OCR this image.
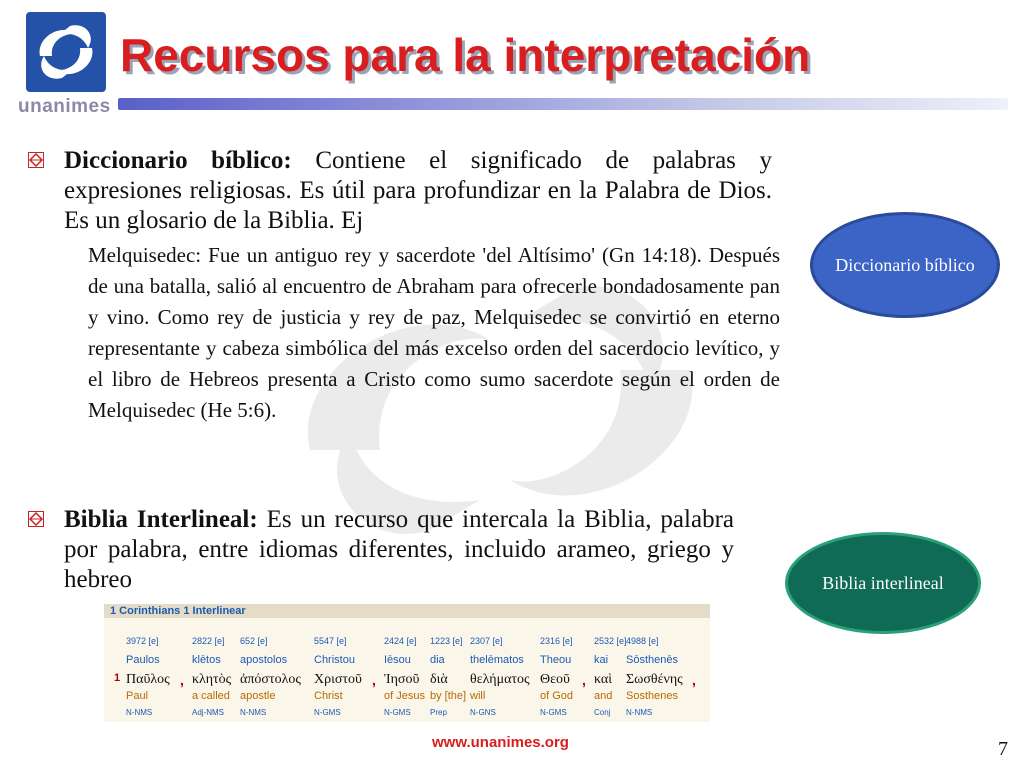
unanimes
Recursos para la interpretación
Diccionario bíblico: Contiene el significado de palabras y expresiones religiosas. Es útil para profundizar en la Palabra de Dios. Es un glosario de la Biblia. Ej
Melquisedec: Fue un antiguo rey y sacerdote 'del Altísimo' (Gn 14:18). Después de una batalla, salió al encuentro de Abraham para ofrecerle bondadosamente pan y vino. Como rey de justicia y rey de paz, Melquisedec se convirtió en eterno representante y cabeza simbólica del más excelso orden del sacerdocio levítico, y el libro de Hebreos presenta a Cristo como sumo sacerdote según el orden de Melquisedec (He 5:6).
Biblia Interlineal: Es un recurso que intercala la Biblia, palabra por palabra, entre idiomas diferentes, incluido arameo, griego y hebreo
Diccionario bíblico
Biblia interlineal
1 Corinthians 1 Interlinear
1
3972 [e]
Paulos
Παῦλος
Paul
N-NMS
,
2822 [e]
klētos
κλητὸς
a called
Adj-NMS
652 [e]
apostolos
ἀπόστολος
apostle
N-NMS
5547 [e]
Christou
Χριστοῦ
Christ
N-GMS
,
2424 [e]
Iēsou
Ἰησοῦ
of Jesus
N-GMS
1223 [e]
dia
διὰ
by [the]
Prep
2307 [e]
thelēmatos
θελήματος
will
N-GNS
2316 [e]
Theou
Θεοῦ
of God
N-GMS
,
2532 [e]
kai
καὶ
and
Conj
4988 [e]
Sōsthenēs
Σωσθένης
Sosthenes
N-NMS
,
www.unanimes.org	7
